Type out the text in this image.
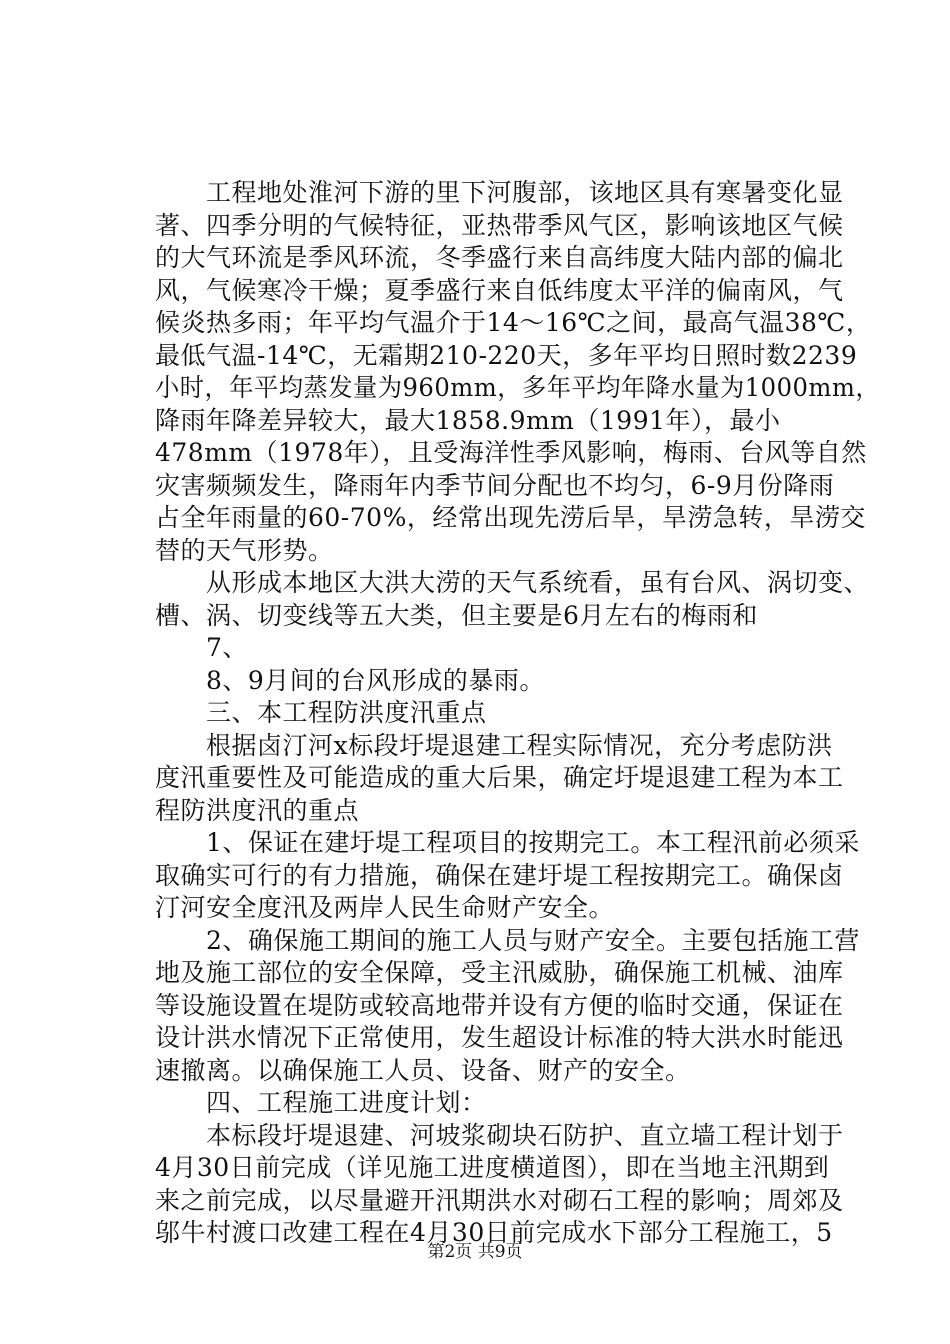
　　工程地处淮河下游的里下河腹部，该地区具有寒暑变化显
著、四季分明的气候特征，亚热带季风气区，影响该地区气候
的大气环流是季风环流，冬季盛行来自高纬度大陆内部的偏北
风，气候寒冷干燥；夏季盛行来自低纬度太平洋的偏南风，气
候炎热多雨；年平均气温介于14～16℃之间，最高气温38℃，
最低气温-14℃，无霜期210-220天，多年平均日照时数2239
小时，年平均蒸发量为960mm，多年平均年降水量为1000mm，
降雨年降差异较大，最大1858.9mm（1991年），最小
478mm（1978年），且受海洋性季风影响，梅雨、台风等自然
灾害频频发生，降雨年内季节间分配也不均匀，6-9月份降雨
占全年雨量的60-70%，经常出现先涝后旱，旱涝急转，旱涝交
替的天气形势。
　　从形成本地区大洪大涝的天气系统看，虽有台风、涡切变、
槽、涡、切变线等五大类，但主要是6月左右的梅雨和
　　7、
　　8、9月间的台风形成的暴雨。
　　三、本工程防洪度汛重点
　　根据卤汀河x标段圩堤退建工程实际情况，充分考虑防洪
度汛重要性及可能造成的重大后果，确定圩堤退建工程为本工
程防洪度汛的重点
　　1、保证在建圩堤工程项目的按期完工。本工程汛前必须采
取确实可行的有力措施，确保在建圩堤工程按期完工。确保卤
汀河安全度汛及两岸人民生命财产安全。
　　2、确保施工期间的施工人员与财产安全。主要包括施工营
地及施工部位的安全保障，受主汛威胁，确保施工机械、油库
等设施设置在堤防或较高地带并设有方便的临时交通，保证在
设计洪水情况下正常使用，发生超设计标准的特大洪水时能迅
速撤离。以确保施工人员、设备、财产的安全。
　　四、工程施工进度计划：
　　本标段圩堤退建、河坡浆砌块石防护、直立墙工程计划于
4月30日前完成（详见施工进度横道图），即在当地主汛期到
来之前完成，以尽量避开汛期洪水对砌石工程的影响；周郊及
邬牛村渡口改建工程在4月30日前完成水下部分工程施工，5
第2页 共9页
